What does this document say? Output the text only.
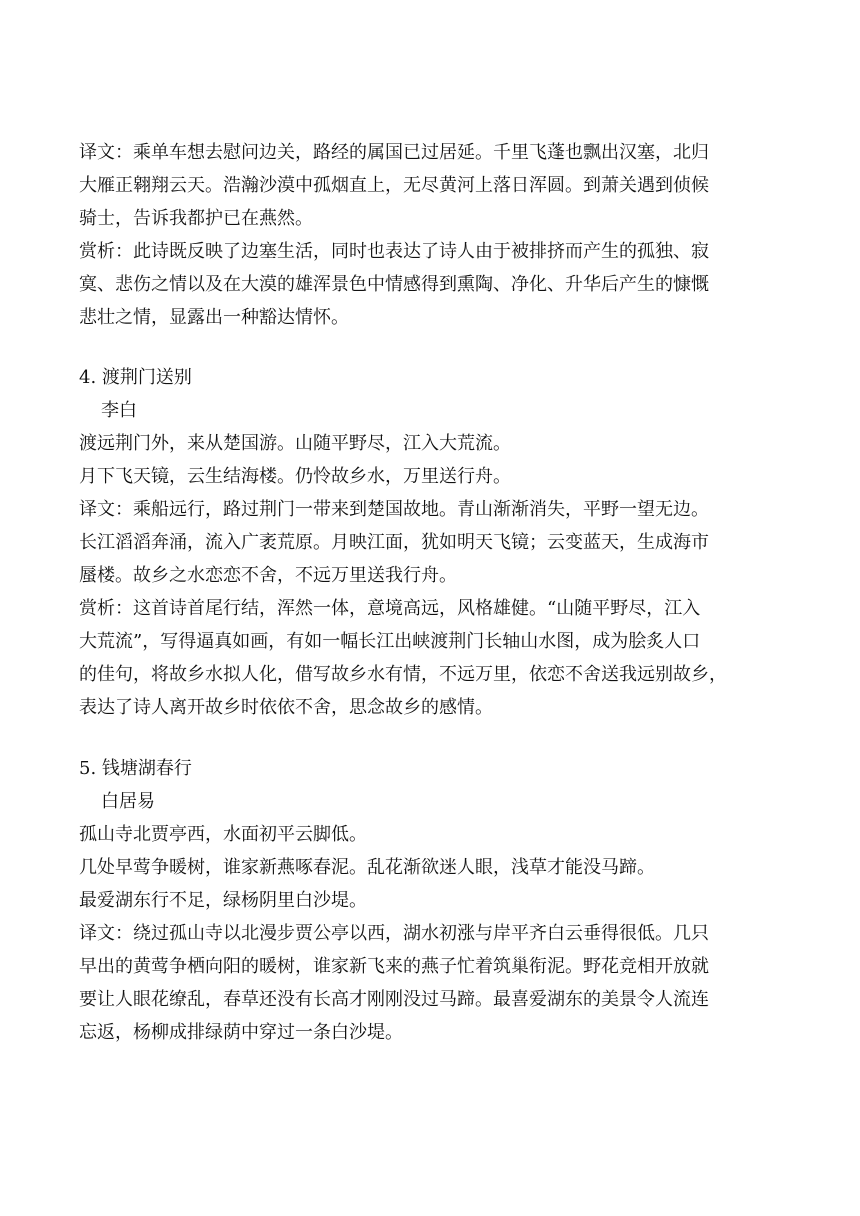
译文：乘单车想去慰问边关，路经的属国已过居延。千里飞蓬也飘出汉塞，北归

大雁正翱翔云天。浩瀚沙漠中孤烟直上，无尽黄河上落日浑圆。到萧关遇到侦候

骑士，告诉我都护已在燕然。

赏析：此诗既反映了边塞生活，同时也表达了诗人由于被排挤而产生的孤独、寂

寞、悲伤之情以及在大漠的雄浑景色中情感得到熏陶、净化、升华后产生的慷慨

悲壮之情，显露出一种豁达情怀。

4. 渡荆门送别

李白

渡远荆门外，来从楚国游。山随平野尽，江入大荒流。

月下飞天镜，云生结海楼。仍怜故乡水，万里送行舟。

译文：乘船远行，路过荆门一带来到楚国故地。青山渐渐消失，平野一望无边。

长江滔滔奔涌，流入广袤荒原。月映江面，犹如明天飞镜；云变蓝天，生成海市

蜃楼。故乡之水恋恋不舍，不远万里送我行舟。

赏析：这首诗首尾行结，浑然一体，意境高远，风格雄健。“山随平野尽，江入

大荒流”，写得逼真如画，有如一幅长江出峡渡荆门长轴山水图，成为脍炙人口

的佳句，将故乡水拟人化，借写故乡水有情，不远万里，依恋不舍送我远别故乡，

表达了诗人离开故乡时依依不舍，思念故乡的感情。

5. 钱塘湖春行

白居易

孤山寺北贾亭西，水面初平云脚低。

几处早莺争暖树，谁家新燕啄春泥。乱花渐欲迷人眼，浅草才能没马蹄。

最爱湖东行不足，绿杨阴里白沙堤。

译文：绕过孤山寺以北漫步贾公亭以西，湖水初涨与岸平齐白云垂得很低。几只

早出的黄莺争栖向阳的暖树，谁家新飞来的燕子忙着筑巢衔泥。野花竞相开放就

要让人眼花缭乱，春草还没有长高才刚刚没过马蹄。最喜爱湖东的美景令人流连

忘返，杨柳成排绿荫中穿过一条白沙堤。
